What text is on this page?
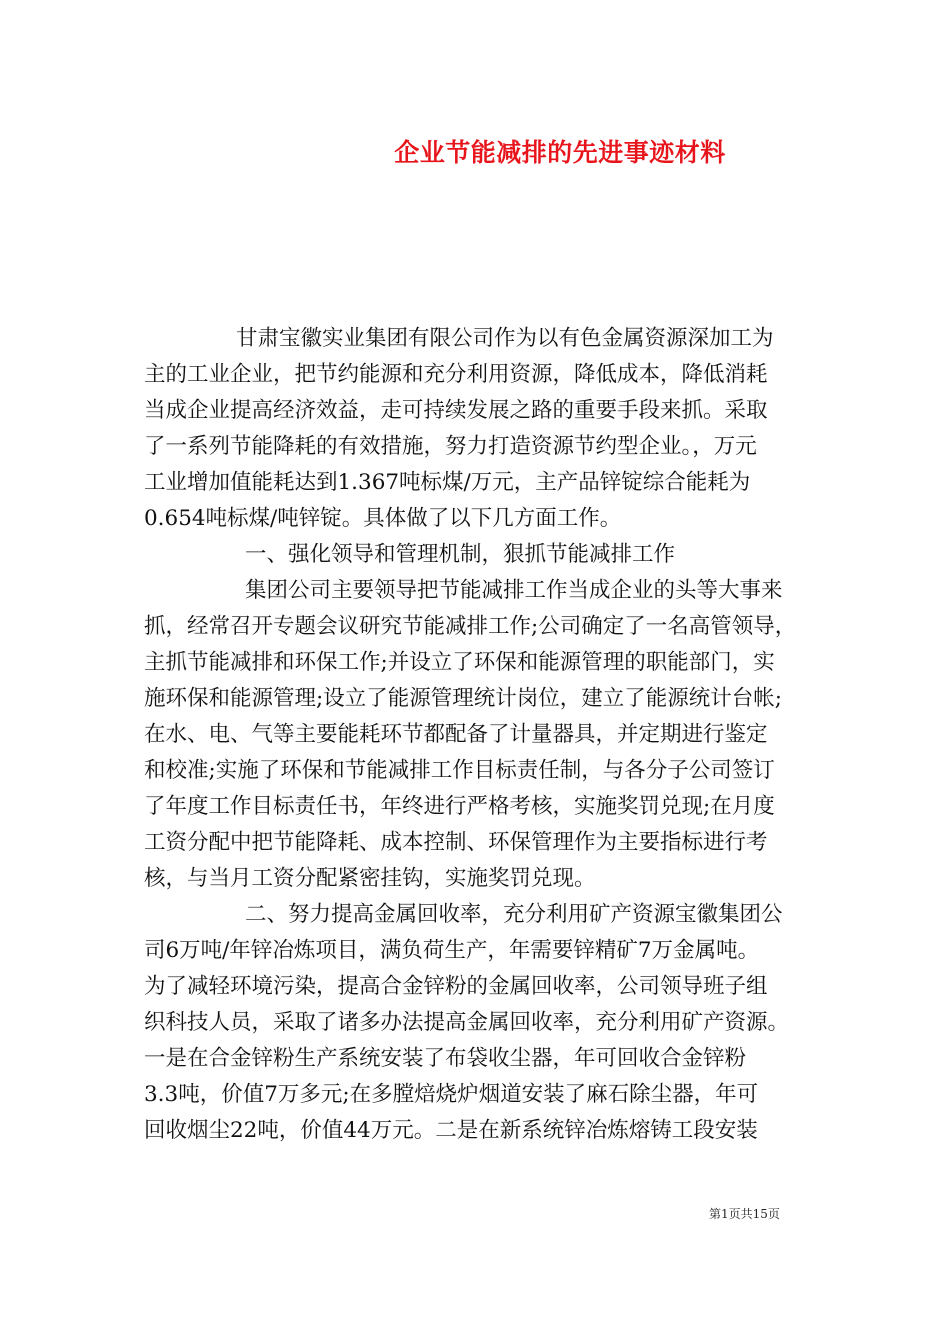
企业节能减排的先进事迹材料
甘肃宝徽实业集团有限公司作为以有色金属资源深加工为
主的工业企业，把节约能源和充分利用资源，降低成本，降低消耗
当成企业提高经济效益，走可持续发展之路的重要手段来抓。采取
了一系列节能降耗的有效措施，努力打造资源节约型企业。，万元
工业增加值能耗达到1.367吨标煤/万元，主产品锌锭综合能耗为
0.654吨标煤/吨锌锭。具体做了以下几方面工作。
一、强化领导和管理机制，狠抓节能减排工作
集团公司主要领导把节能减排工作当成企业的头等大事来
抓，经常召开专题会议研究节能减排工作;公司确定了一名高管领导，
主抓节能减排和环保工作;并设立了环保和能源管理的职能部门，实
施环保和能源管理;设立了能源管理统计岗位，建立了能源统计台帐;
在水、电、气等主要能耗环节都配备了计量器具，并定期进行鉴定
和校准;实施了环保和节能减排工作目标责任制，与各分子公司签订
了年度工作目标责任书，年终进行严格考核，实施奖罚兑现;在月度
工资分配中把节能降耗、成本控制、环保管理作为主要指标进行考
核，与当月工资分配紧密挂钩，实施奖罚兑现。
二、努力提高金属回收率，充分利用矿产资源宝徽集团公
司6万吨/年锌冶炼项目，满负荷生产，年需要锌精矿7万金属吨。
为了减轻环境污染，提高合金锌粉的金属回收率，公司领导班子组
织科技人员，采取了诸多办法提高金属回收率，充分利用矿产资源。
一是在合金锌粉生产系统安装了布袋收尘器，年可回收合金锌粉
3.3吨，价值7万多元;在多膛焙烧炉烟道安装了麻石除尘器，年可
回收烟尘22吨，价值44万元。二是在新系统锌冶炼熔铸工段安装
第1页共15页
